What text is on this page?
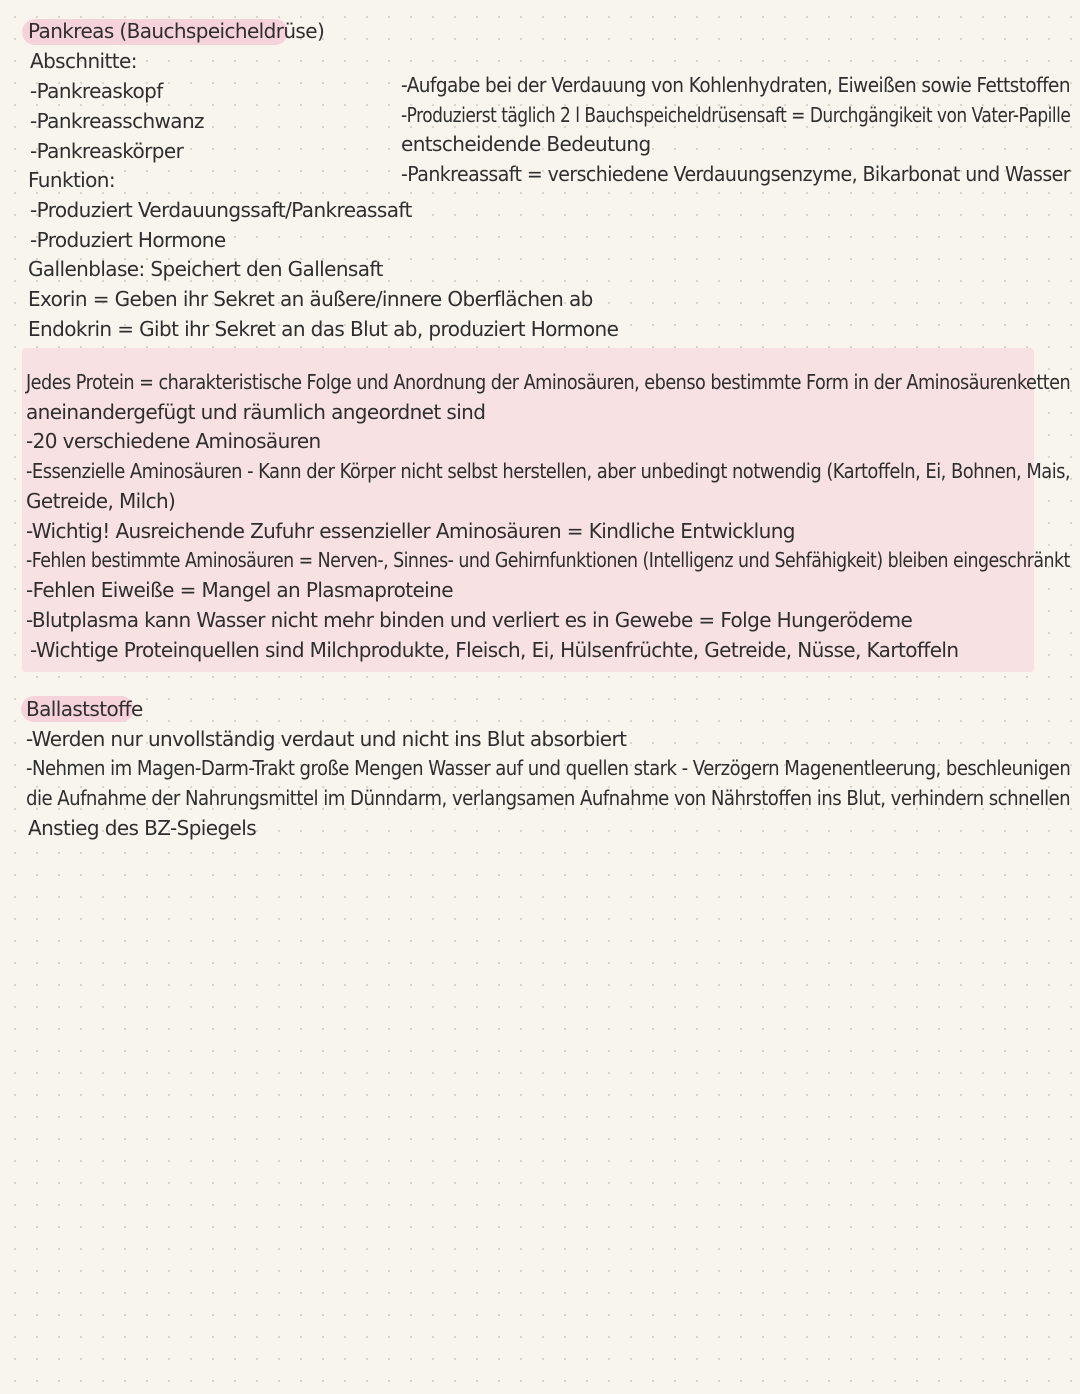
Pankreas (Bauchspeicheldrüse)
Abschnitte:
-Pankreaskopf
-Pankreasschwanz
-Pankreaskörper
Funktion:
-Produziert Verdauungssaft/Pankreassaft
-Produziert Hormone
Gallenblase: Speichert den Gallensaft
Exorin = Geben ihr Sekret an äußere/innere Oberflächen ab
Endokrin = Gibt ihr Sekret an das Blut ab, produziert Hormone
-Aufgabe bei der Verdauung von Kohlenhydraten, Eiweißen sowie Fettstoffen
-Produzierst täglich 2 l Bauchspeicheldrüsensaft = Durchgängikeit von Vater-Papille
entscheidende Bedeutung
-Pankreassaft = verschiedene Verdauungsenzyme, Bikarbonat und Wasser
Jedes Protein = charakteristische Folge und Anordnung der Aminosäuren, ebenso bestimmte Form in der Aminosäurenketten
aneinandergefügt und räumlich angeordnet sind
-20 verschiedene Aminosäuren
-Essenzielle Aminosäuren - Kann der Körper nicht selbst herstellen, aber unbedingt notwendig (Kartoffeln, Ei, Bohnen, Mais,
Getreide, Milch)
-Wichtig! Ausreichende Zufuhr essenzieller Aminosäuren = Kindliche Entwicklung
-Fehlen bestimmte Aminosäuren = Nerven-, Sinnes- und Gehirnfunktionen (Intelligenz und Sehfähigkeit) bleiben eingeschränkt
-Fehlen Eiweiße = Mangel an Plasmaproteine
-Blutplasma kann Wasser nicht mehr binden und verliert es in Gewebe = Folge Hungerödeme
-Wichtige Proteinquellen sind Milchprodukte, Fleisch, Ei, Hülsenfrüchte, Getreide, Nüsse, Kartoffeln
Ballaststoffe
-Werden nur unvollständig verdaut und nicht ins Blut absorbiert
-Nehmen im Magen-Darm-Trakt große Mengen Wasser auf und quellen stark - Verzögern Magenentleerung, beschleunigen
die Aufnahme der Nahrungsmittel im Dünndarm, verlangsamen Aufnahme von Nährstoffen ins Blut, verhindern schnellen
Anstieg des BZ-Spiegels
